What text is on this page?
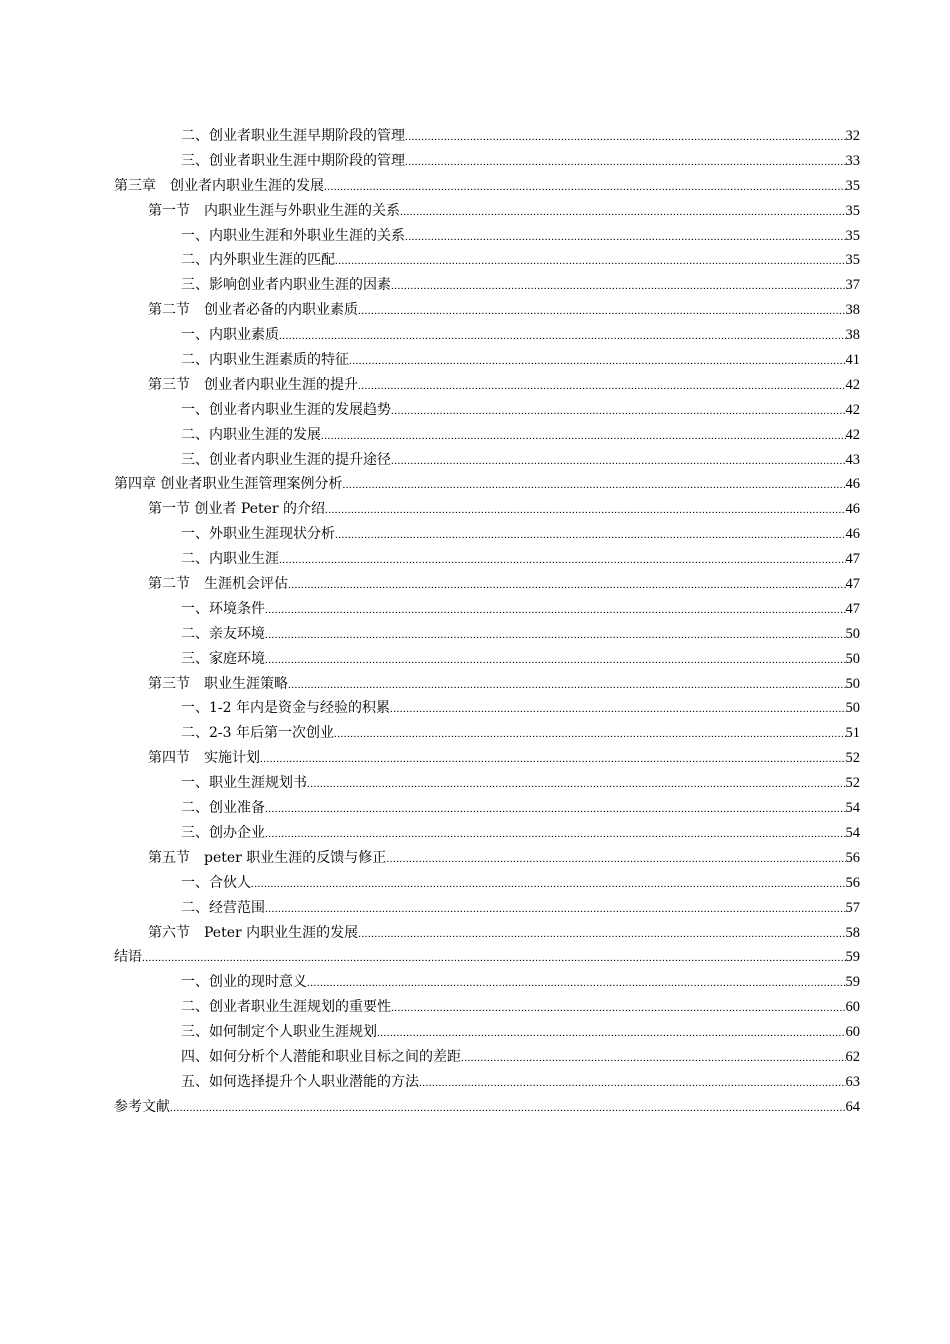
二、创业者职业生涯早期阶段的管理 .....	32
三、创业者职业生涯中期阶段的管理 .....	33
第三章　创业者内职业生涯的发展 .....	35
第一节　内职业生涯与外职业生涯的关系 .....	35
一、内职业生涯和外职业生涯的关系 .....	35
二、内外职业生涯的匹配 .....	35
三、影响创业者内职业生涯的因素 .....	37
第二节　创业者必备的内职业素质 .....	38
一、内职业素质 .....	38
二、内职业生涯素质的特征 .....	41
第三节　创业者内职业生涯的提升 .....	42
一、创业者内职业生涯的发展趋势 .....	42
二、内职业生涯的发展 .....	42
三、创业者内职业生涯的提升途径 .....	43
第四章 创业者职业生涯管理案例分析 .....	46
第一节 创业者 Peter 的介绍 .....	46
一、外职业生涯现状分析 .....	46
二、内职业生涯 .....	47
第二节　生涯机会评估 .....	47
一、环境条件 .....	47
二、亲友环境 .....	50
三、家庭环境 .....	50
第三节　职业生涯策略 .....	50
一、1-2 年内是资金与经验的积累 .....	50
二、2-3 年后第一次创业 .....	51
第四节　实施计划 .....	52
一、职业生涯规划书 .....	52
二、创业准备 .....	54
三、创办企业 .....	54
第五节　peter 职业生涯的反馈与修正 .....	56
一、合伙人 .....	56
二、经营范围 .....	57
第六节　Peter 内职业生涯的发展 .....	58
结语 .....	59
一、创业的现时意义 .....	59
二、创业者职业生涯规划的重要性 .....	60
三、如何制定个人职业生涯规划 .....	60
四、如何分析个人潜能和职业目标之间的差距 .....	62
五、如何选择提升个人职业潜能的方法 .....	63
参考文献 .....	64
